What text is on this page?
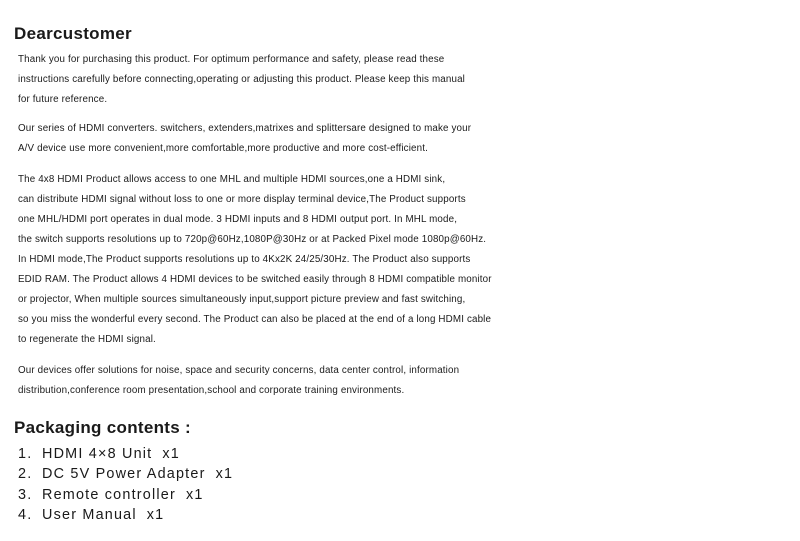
Dearcustomer
Thank you for purchasing this product. For optimum performance and safety, please read these
instructions carefully before connecting,operating or adjusting this product. Please keep this manual
for future reference.
Our series of HDMI converters. switchers, extenders,matrixes and splittersare designed to make your
A/V device use more convenient,more comfortable,more productive and more cost-efficient.
The 4x8 HDMI Product allows access to one MHL and multiple HDMI sources,one a HDMI sink,
can distribute HDMI signal without loss to one or more display terminal device,The Product supports
one MHL/HDMI port operates in dual mode. 3 HDMI inputs and 8 HDMI output port. In MHL mode,
the switch supports resolutions up to 720p@60Hz,1080P@30Hz or at Packed Pixel mode 1080p@60Hz.
In HDMI mode,The Product supports resolutions up to 4Kx2K 24/25/30Hz. The Product also supports
EDID RAM. The Product allows 4 HDMI devices to be switched easily through 8 HDMI compatible monitor
or projector, When multiple sources simultaneously input,support picture preview and fast switching,
so you miss the wonderful every second. The Product can also be placed at the end of a long HDMI cable
to regenerate the HDMI signal.
Our devices offer solutions for noise, space and security concerns, data center control, information
distribution,conference room presentation,school and corporate training environments.
Packaging contents :
1. HDMI 4×8 Unit x1
2. DC 5V Power Adapter x1
3. Remote controller x1
4. User Manual x1
